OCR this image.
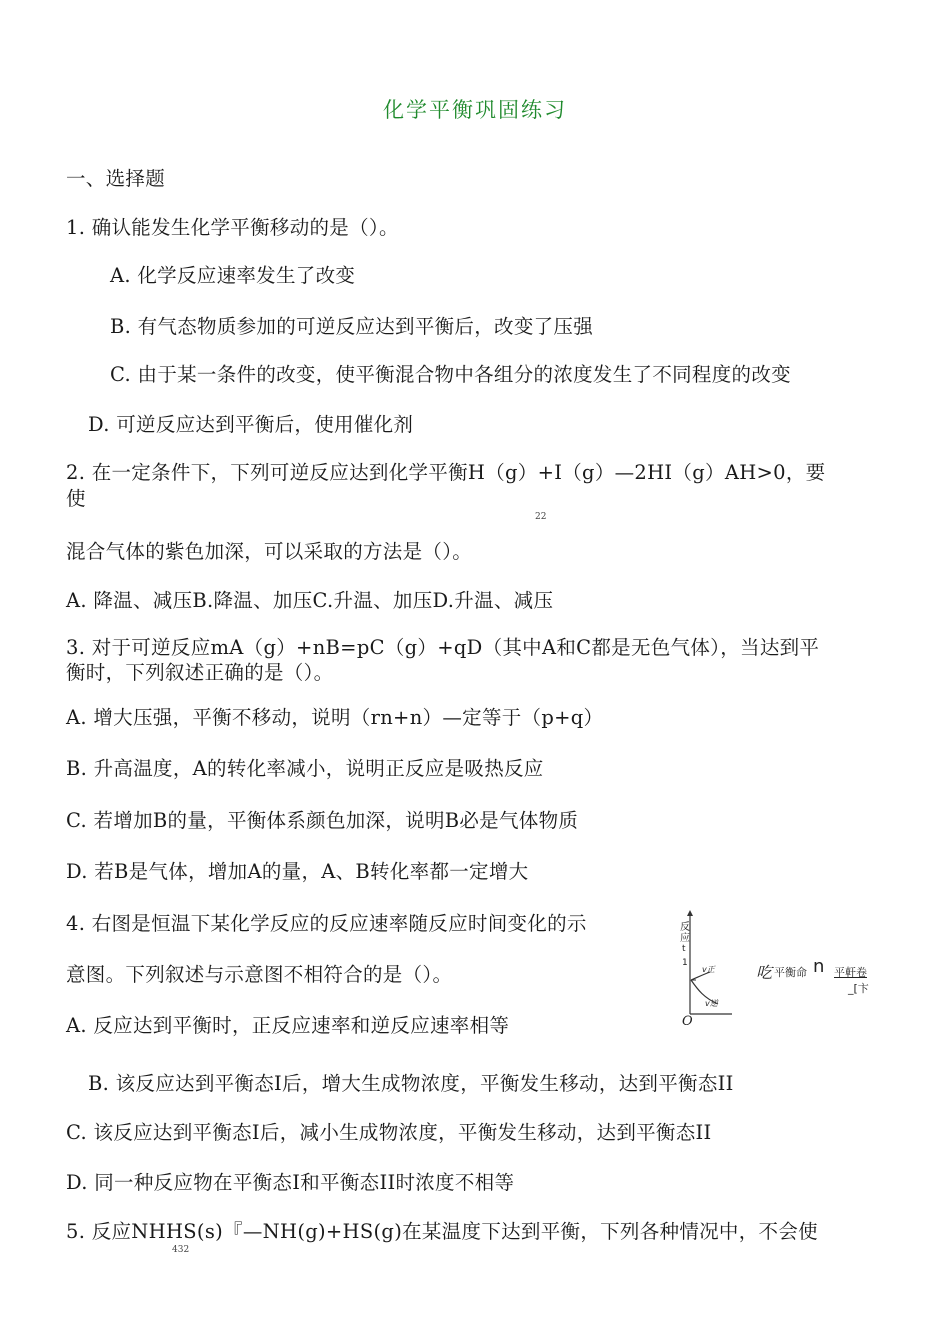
化学平衡巩固练习
一、选择题
1. 确认能发生化学平衡移动的是（）。
A. 化学反应速率发生了改变
B. 有气态物质参加的可逆反应达到平衡后，改变了压强
C. 由于某一条件的改变，使平衡混合物中各组分的浓度发生了不同程度的改变
D. 可逆反应达到平衡后，使用催化剂
2. 在一定条件下，下列可逆反应达到化学平衡H（g）+I（g）—2HI（g）AH>0，要
使
22
混合气体的紫色加深，可以采取的方法是（）。
A. 降温、减压B.降温、加压C.升温、加压D.升温、减压
3. 对于可逆反应mA（g）+nB=pC（g）+qD（其中A和C都是无色气体），当达到平
衡时，下列叙述正确的是（）。
A. 增大压强，平衡不移动，说明（rn+n）—定等于（p+q）
B. 升高温度，A的转化率减小，说明正反应是吸热反应
C. 若增加B的量，平衡体系颜色加深，说明B必是气体物质
D. 若B是气体，增加A的量，A、B转化率都一定增大
4. 右图是恒温下某化学反应的反应速率随反应时间变化的示
意图。下列叙述与示意图不相符合的是（）。
A. 反应达到平衡时，正反应速率和逆反应速率相等
B. 该反应达到平衡态I后，增大生成物浓度，平衡发生移动，达到平衡态II
C. 该反应达到平衡态I后，减小生成物浓度，平衡发生移动，达到平衡态II
D. 同一种反应物在平衡态I和平衡态II时浓度不相等
5. 反应NHHS(s)『—NH(g)+HS(g)在某温度下达到平衡，下列各种情况中，不会使
432
反
应
t
1
v正
v逆
O
吃 平衡命 n 平軒卷
_[卞
